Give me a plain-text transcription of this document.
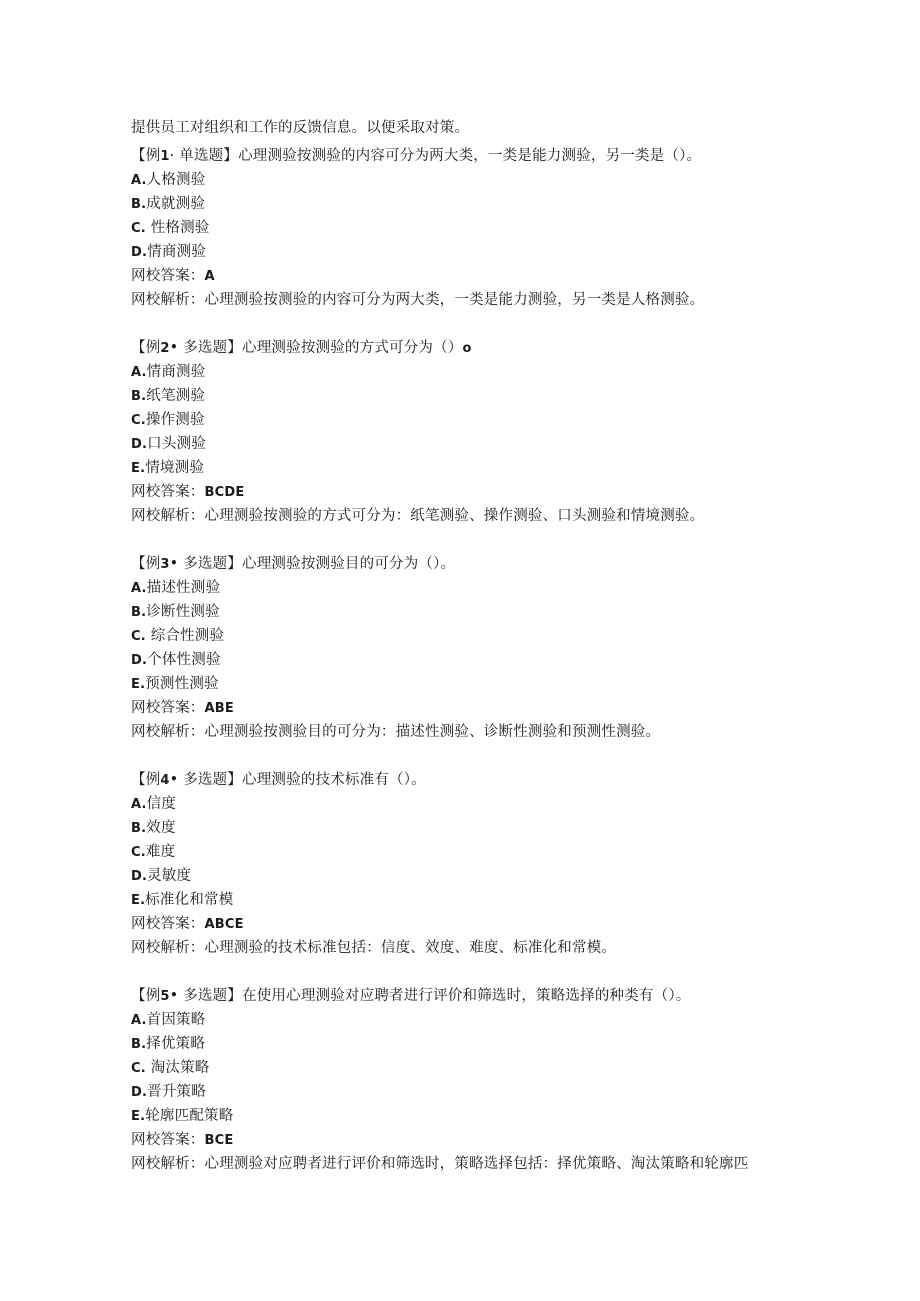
提供员工对组织和工作的反馈信息。以便采取对策。
【例1· 单选题】心理测验按测验的内容可分为两大类，一类是能力测验，另一类是（）。
A.人格测验
B.成就测验
C. 性格测验
D.情商测验
网校答案：A
网校解析：心理测验按测验的内容可分为两大类，一类是能力测验，另一类是人格测验。
【例2• 多选题】心理测验按测验的方式可分为（）o
A.情商测验
B.纸笔测验
C.操作测验
D.口头测验
E.情境测验
网校答案：BCDE
网校解析：心理测验按测验的方式可分为：纸笔测验、操作测验、口头测验和情境测验。
【例3• 多选题】心理测验按测验目的可分为（）。
A.描述性测验
B.诊断性测验
C. 综合性测验
D.个体性测验
E.预测性测验
网校答案：ABE
网校解析：心理测验按测验目的可分为：描述性测验、诊断性测验和预测性测验。
【例4• 多选题】心理测验的技术标准有（）。
A.信度
B.效度
C.难度
D.灵敏度
E.标准化和常模
网校答案：ABCE
网校解析：心理测验的技术标准包括：信度、效度、难度、标准化和常模。
【例5• 多选题】在使用心理测验对应聘者进行评价和筛选时，策略选择的种类有（）。
A.首因策略
B.择优策略
C. 淘汰策略
D.晋升策略
E.轮廓匹配策略
网校答案：BCE
网校解析：心理测验对应聘者进行评价和筛选时，策略选择包括：择优策略、淘汰策略和轮廓匹
